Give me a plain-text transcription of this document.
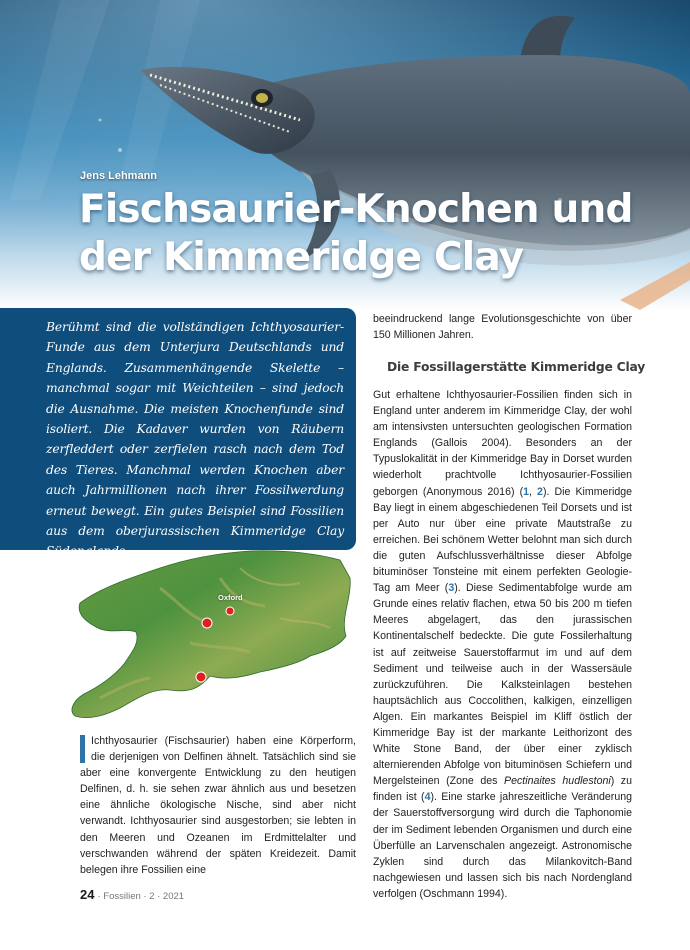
Jens Lehmann
Fischsaurier-Knochen und
der Kimmeridge Clay

Berühmt sind die vollständigen Ichthyosaurier-Funde aus dem Unterjura Deutschlands und Englands. Zusammenhängende Skelette – manchmal sogar mit Weichteilen – sind jedoch die Ausnahme. Die meisten Knochenfunde sind isoliert. Die Kadaver wurden von Räubern zerfleddert oder zerfielen rasch nach dem Tod des Tieres. Manchmal werden Knochen aber auch Jahrmillionen nach ihrer Fossilwerdung erneut bewegt. Ein gutes Beispiel sind Fossilien aus dem oberjurassischen Kimmeridge Clay Südenglands.

Oxford

Ichthyosaurier (Fischsaurier) haben eine Körperform, die derjenigen von Delfinen ähnelt. Tatsächlich sind sie aber eine konvergente Entwicklung zu den heutigen Delfinen, d. h. sie sehen zwar ähnlich aus und besetzen eine ähnliche ökologische Nische, sind aber nicht verwandt. Ichthyosaurier sind ausgestorben; sie lebten in den Meeren und Ozeanen im Erdmittelalter und verschwanden während der späten Kreidezeit. Damit belegen ihre Fossilien eine

beeindruckend lange Evolutionsgeschichte von über 150 Millionen Jahren.

Die Fossillagerstätte Kimmeridge Clay

Gut erhaltene Ichthyosaurier-Fossilien finden sich in England unter anderem im Kimmeridge Clay, der wohl am intensivsten untersuchten geologischen Formation Englands (Gallois 2004). Besonders an der Typuslokalität in der Kimmeridge Bay in Dorset wurden wiederholt prachtvolle Ichthyosaurier-Fossilien geborgen (Anonymous 2016) (1, 2). Die Kimmeridge Bay liegt in einem abgeschiedenen Teil Dorsets und ist per Auto nur über eine private Mautstraße zu erreichen. Bei schönem Wetter belohnt man sich durch die guten Aufschlussverhältnisse dieser Abfolge bituminöser Tonsteine mit einem perfekten Geologie-Tag am Meer (3). Diese Sedimentabfolge wurde am Grunde eines relativ flachen, etwa 50 bis 200 m tiefen Meeres abgelagert, das den jurassischen Kontinentalschelf bedeckte. Die gute Fossilerhaltung ist auf zeitweise Sauerstoffarmut im und auf dem Sediment und teilweise auch in der Wassersäule zurückzuführen. Die Kalksteinlagen bestehen hauptsächlich aus Coccolithen, kalkigen, einzelligen Algen. Ein markantes Beispiel im Kliff östlich der Kimmeridge Bay ist der markante Leithorizont des White Stone Band, der über einer zyklisch alternierenden Abfolge von bituminösen Schiefern und Mergelsteinen (Zone des Pectinaites hudlestoni) zu finden ist (4). Eine starke jahreszeitliche Veränderung der Sauerstoffversorgung wird durch die Taphonomie der im Sediment lebenden Organismen und durch eine Überfülle an Larvenschalen angezeigt. Astronomische Zyklen sind durch das Milankovitch-Band nachgewiesen und lassen sich bis nach Nordengland verfolgen (Oschmann 1994).

24 · Fossilien · 2 · 2021
